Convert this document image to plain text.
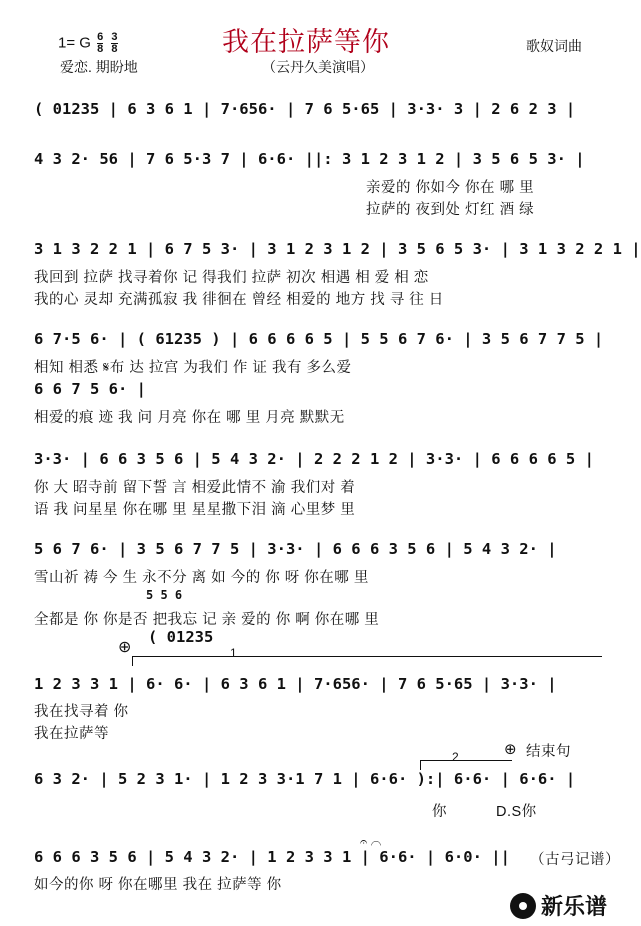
1= G $\frac{6}{8}$
$\frac{3}{8}$	我在拉萨等你	歌奴词曲
爱恋. 期盼地	（云丹久美演唱）
( 01235 | 6 3 6 1 | 7·656· | 7 6 5·65 | 3·3· 3 | 2 6 2 3 |
4 3 2· 56 | 7 6 5·3 7 | 6·6· ||: 3 1 2 3 1 2 | 3 5 6 5 3· |
亲爱的 你如今 你在 哪 里
拉萨的 夜到处 灯红 酒 绿
3 1 3 2 2 1 | 6 7 5 3· | 3 1 2 3 1 2 | 3 5 6 5 3· | 3 1 3 2 2 1 |
我回到 拉萨 找寻着你 记 得我们 拉萨 初次 相遇 相 爱 相 恋
我的心 灵却 充满孤寂 我 徘徊在 曾经 相爱的 地方 找 寻 往 日
6 7·5 6· | ( 61235 ) | 6 6 6 6 5 | 5 5 6 7 6· | 3 5 6 7 7 5 |
相知 相悉 𝄋布 达 拉宫 为我们 作 证 我有 多么爱
6 6 7 5 6· |
相爱的痕 迹 我 问 月亮 你在 哪 里 月亮 默默无
3·3· | 6 6 3 5 6 | 5 4 3 2· | 2 2 2 1 2 | 3·3· | 6 6 6 6 5 |
你 大 昭寺前 留下誓 言 相爱此情不 渝 我们对 着
语 我 问星星 你在哪 里 星星撒下泪 滴 心里梦 里
5 6 7 6· | 3 5 6 7 7 5 | 3·3· | 6 6 6 3 5 6 | 5 4 3 2· |
雪山祈 祷 今 生 永不分 离 如 今的 你 呀 你在哪 里
5 5 6
全都是 你 你是否 把我忘 记 亲 爱的 你 啊 你在哪 里
⊕
( 01235
1
1 2 3 3 1 | 6· 6· | 6 3 6 1 | 7·656· | 7 6 5·65 | 3·3· |
我在找寻着 你
我在拉萨等
⊕ 结束句
2
6 3 2· | 5 2 3 1· | 1 2 3 3·1 7 1 | 6·6· ):| 6·6· | 6·6· |
你	D.S你
𝄐 ⌒
6 6 6 3 5 6 | 5 4 3 2· | 1 2 3 3 1 | 6·6· | 6·0· || （古弓记谱）
如今的你 呀 你在哪里 我在 拉萨等 你
新乐谱
